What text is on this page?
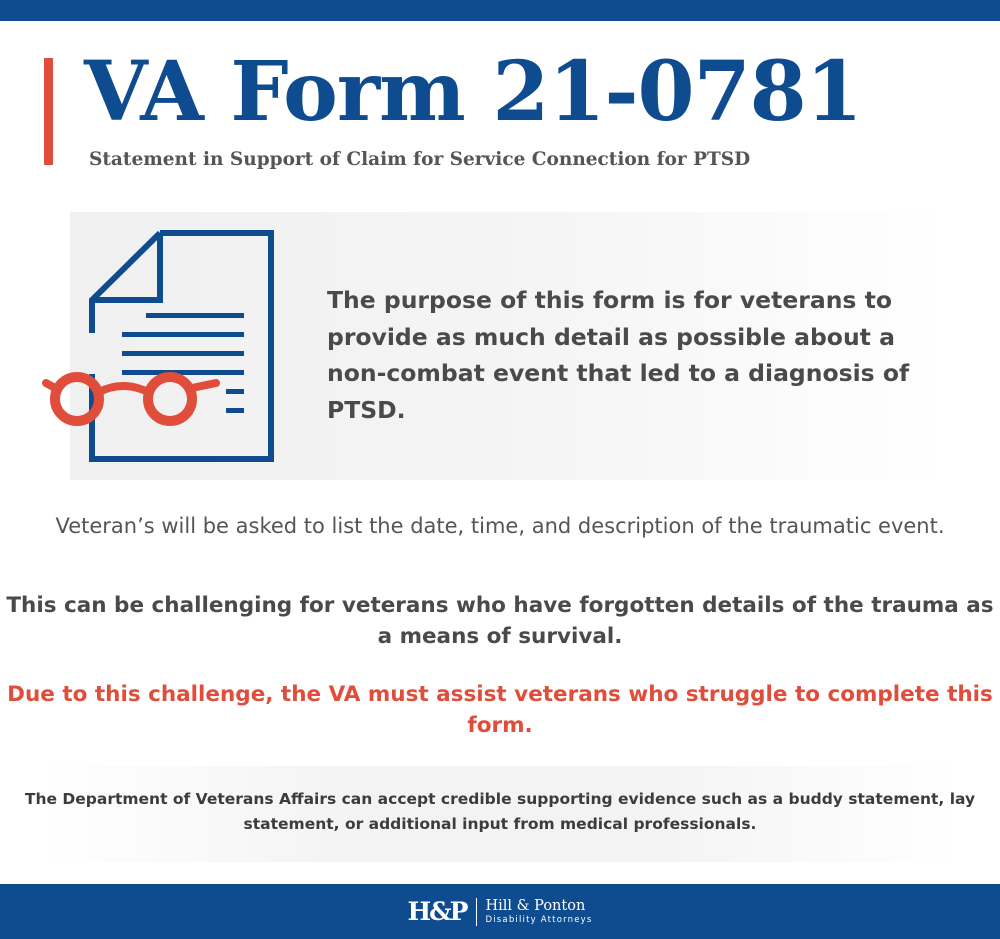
VA Form 21-0781

Statement in Support of Claim for Service Connection for PTSD

The purpose of this form is for veterans to provide as much detail as possible about a non-combat event that led to a diagnosis of PTSD.

Veteran’s will be asked to list the date, time, and description of the traumatic event.

This can be challenging for veterans who have forgotten details of the trauma as a means of survival.

Due to this challenge, the VA must assist veterans who struggle to complete this form.

The Department of Veterans Affairs can accept credible supporting evidence such as a buddy statement, lay statement, or additional input from medical professionals.

H&P Hill & Ponton
Disability Attorneys
